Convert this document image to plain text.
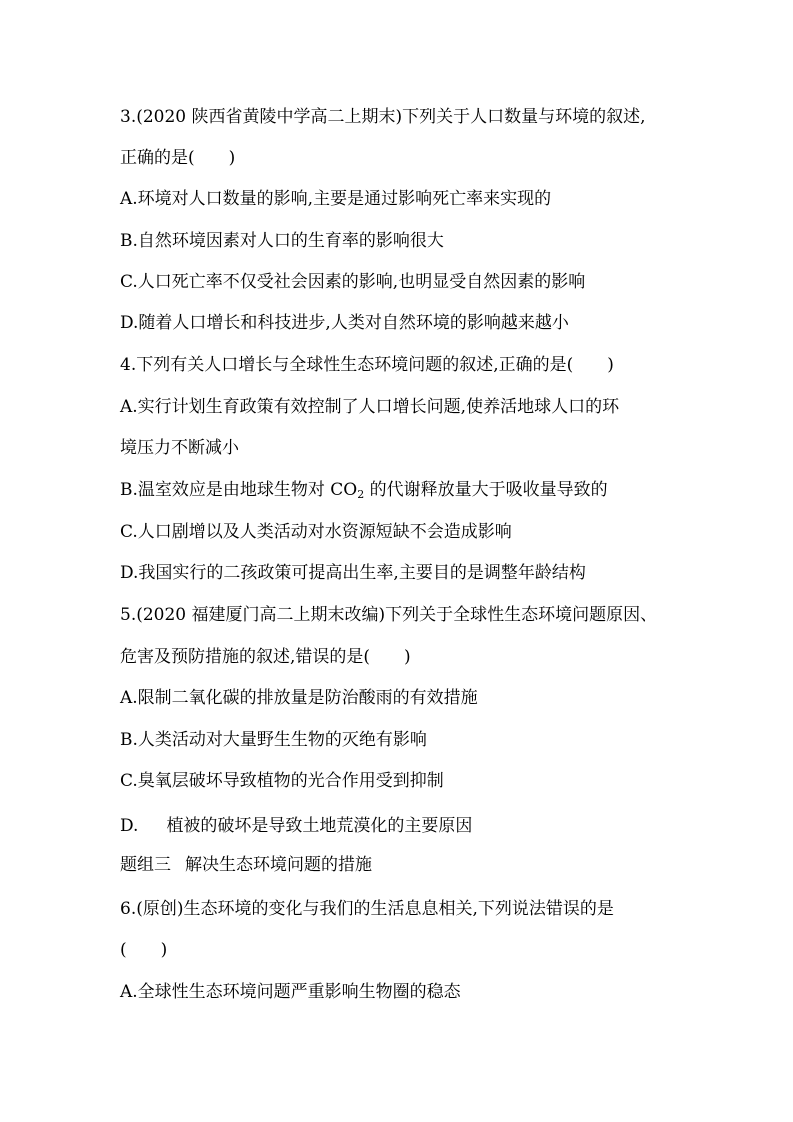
3.(2020 陕西省黄陵中学高二上期末)下列关于人口数量与环境的叙述,
正确的是(　　)
A.环境对人口数量的影响,主要是通过影响死亡率来实现的
B.自然环境因素对人口的生育率的影响很大
C.人口死亡率不仅受社会因素的影响,也明显受自然因素的影响
D.随着人口增长和科技进步,人类对自然环境的影响越来越小
4.下列有关人口增长与全球性生态环境问题的叙述,正确的是(　　)
A.实行计划生育政策有效控制了人口增长问题,使养活地球人口的环
境压力不断减小
B.温室效应是由地球生物对 $CO_2$ 的代谢释放量大于吸收量导致的
C.人口剧增以及人类活动对水资源短缺不会造成影响
D.我国实行的二孩政策可提高出生率,主要目的是调整年龄结构
5.(2020 福建厦门高二上期末改编)下列关于全球性生态环境问题原因、
危害及预防措施的叙述,错误的是(　　)
A.限制二氧化碳的排放量是防治酸雨的有效措施
B.人类活动对大量野生生物的灭绝有影响
C.臭氧层破坏导致植物的光合作用受到抑制
D. 植被的破坏是导致土地荒漠化的主要原因
题组三 解决生态环境问题的措施
6.(原创)生态环境的变化与我们的生活息息相关,下列说法错误的是
(　　)
A.全球性生态环境问题严重影响生物圈的稳态
